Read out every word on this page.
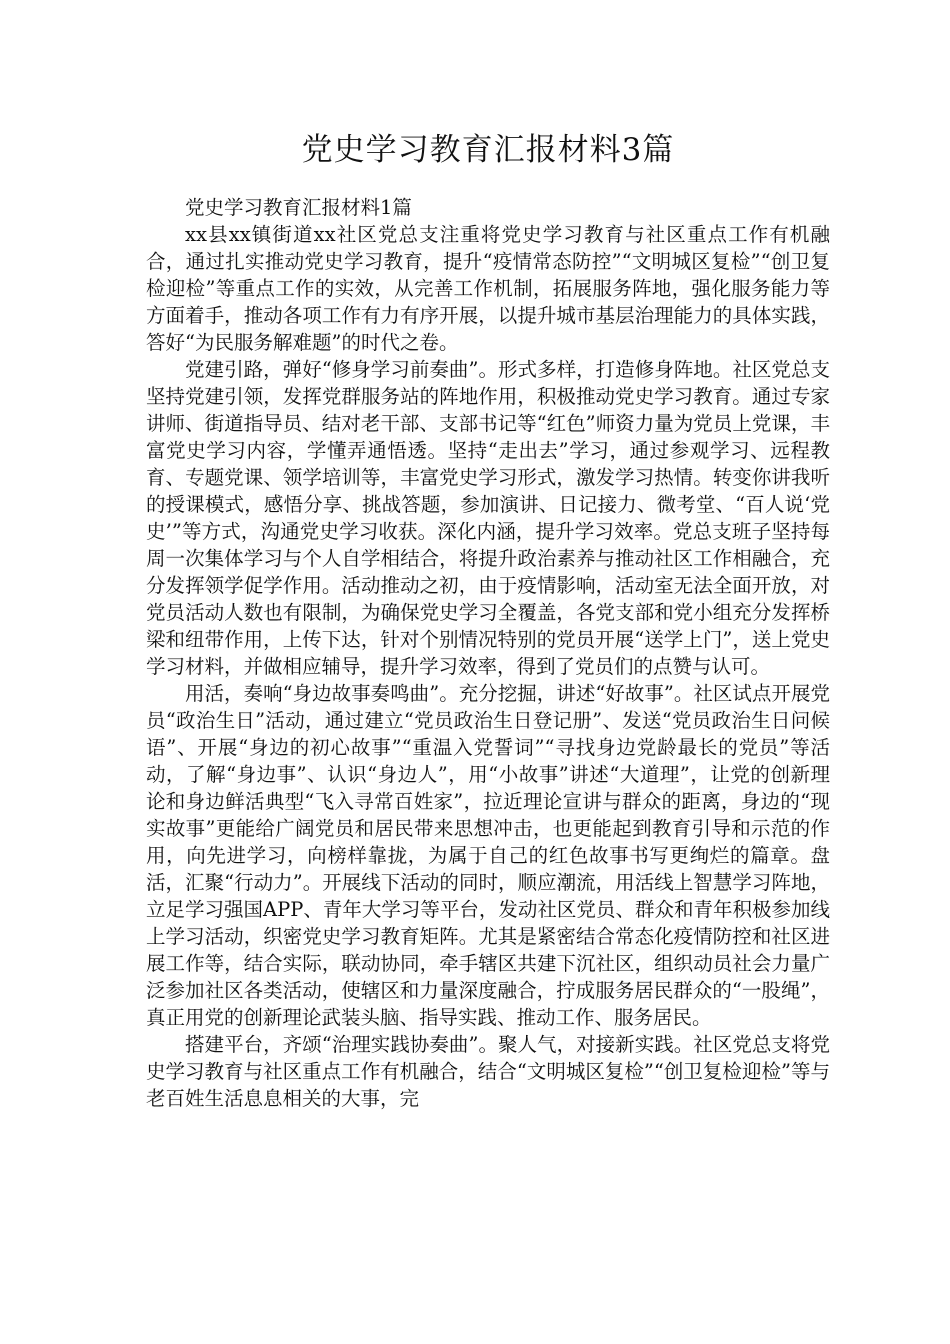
党史学习教育汇报材料3篇

党史学习教育汇报材料1篇

xx县xx镇街道xx社区党总支注重将党史学习教育与社区重点工作有机融合，通过扎实推动党史学习教育，提升“疫情常态防控”“文明城区复检”“创卫复检迎检”等重点工作的实效，从完善工作机制，拓展服务阵地，强化服务能力等方面着手，推动各项工作有力有序开展，以提升城市基层治理能力的具体实践，答好“为民服务解难题”的时代之卷。

党建引路，弹好“修身学习前奏曲”。形式多样，打造修身阵地。社区党总支坚持党建引领，发挥党群服务站的阵地作用，积极推动党史学习教育。通过专家讲师、街道指导员、结对老干部、支部书记等“红色”师资力量为党员上党课，丰富党史学习内容，学懂弄通悟透。坚持“走出去”学习，通过参观学习、远程教育、专题党课、领学培训等，丰富党史学习形式，激发学习热情。转变你讲我听的授课模式，感悟分享、挑战答题，参加演讲、日记接力、微考堂、“百人说‘党史’”等方式，沟通党史学习收获。深化内涵，提升学习效率。党总支班子坚持每周一次集体学习与个人自学相结合，将提升政治素养与推动社区工作相融合，充分发挥领学促学作用。活动推动之初，由于疫情影响，活动室无法全面开放，对党员活动人数也有限制，为确保党史学习全覆盖，各党支部和党小组充分发挥桥梁和纽带作用，上传下达，针对个别情况特别的党员开展“送学上门”，送上党史学习材料，并做相应辅导，提升学习效率，得到了党员们的点赞与认可。

用活，奏响“身边故事奏鸣曲”。充分挖掘，讲述“好故事”。社区试点开展党员“政治生日”活动，通过建立“党员政治生日登记册”、发送“党员政治生日问候语”、开展“身边的初心故事”“重温入党誓词”“寻找身边党龄最长的党员”等活动，了解“身边事”、认识“身边人”，用“小故事”讲述“大道理”，让党的创新理论和身边鲜活典型“飞入寻常百姓家”，拉近理论宣讲与群众的距离，身边的“现实故事”更能给广阔党员和居民带来思想冲击，也更能起到教育引导和示范的作用，向先进学习，向榜样靠拢，为属于自己的红色故事书写更绚烂的篇章。盘活，汇聚“行动力”。开展线下活动的同时，顺应潮流，用活线上智慧学习阵地，立足学习强国APP、青年大学习等平台，发动社区党员、群众和青年积极参加线上学习活动，织密党史学习教育矩阵。尤其是紧密结合常态化疫情防控和社区进展工作等，结合实际，联动协同，牵手辖区共建下沉社区，组织动员社会力量广泛参加社区各类活动，使辖区和力量深度融合，拧成服务居民群众的“一股绳”，真正用党的创新理论武装头脑、指导实践、推动工作、服务居民。

搭建平台，齐颂“治理实践协奏曲”。聚人气，对接新实践。社区党总支将党史学习教育与社区重点工作有机融合，结合“文明城区复检”“创卫复检迎检”等与老百姓生活息息相关的大事，完
